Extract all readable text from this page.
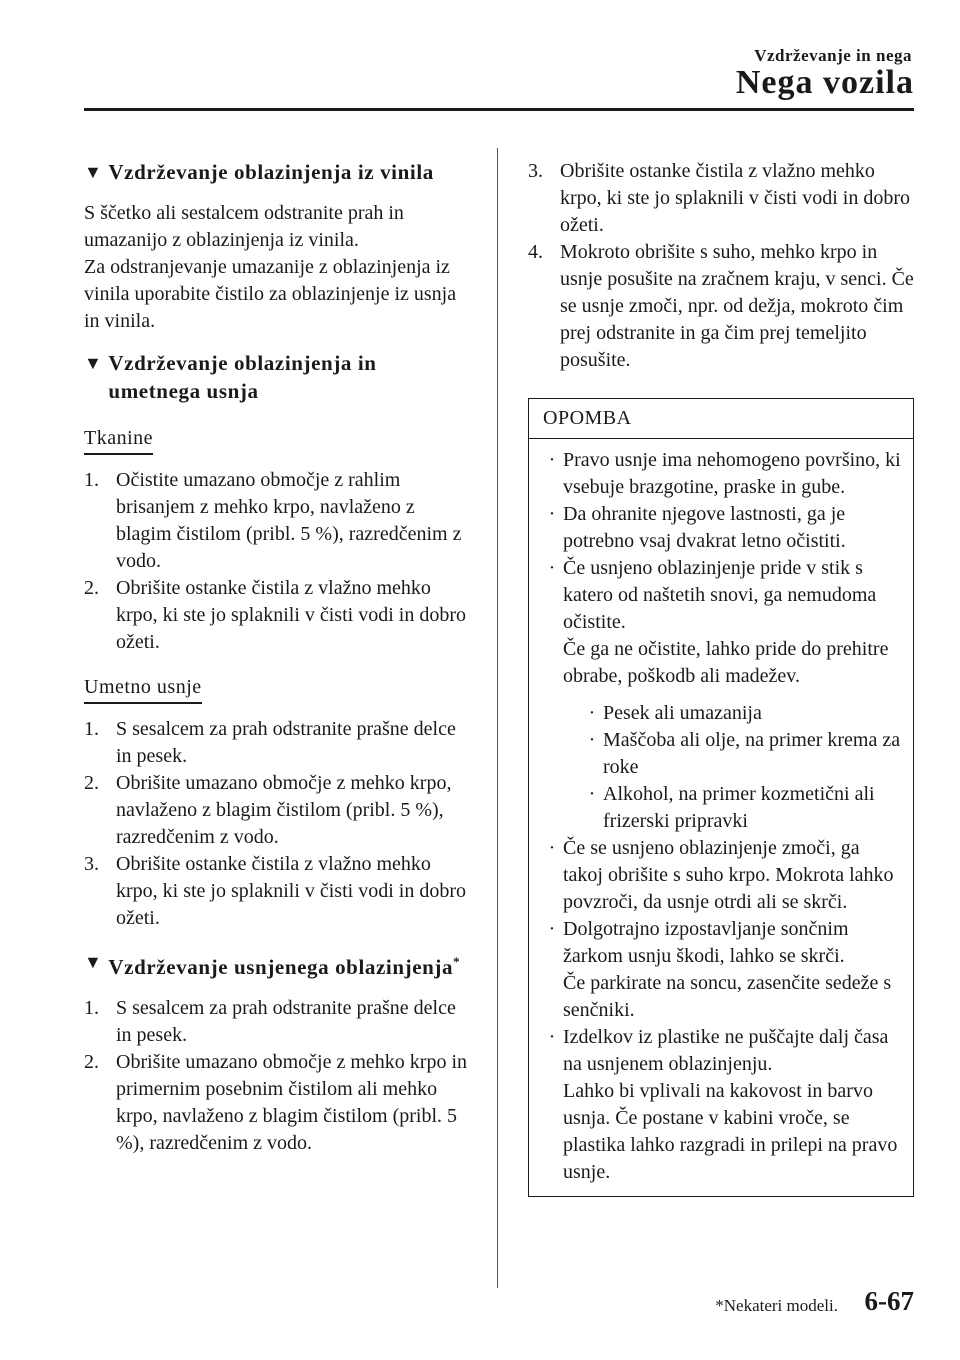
Vzdrževanje in nega
Nega vozila
▼ Vzdrževanje oblazinjenja iz vinila

S ščetko ali sestalcem odstranite prah in umazanijo z oblazinjenja iz vinila.

Za odstranjevanje umazanije z oblazinjenja iz vinila uporabite čistilo za oblazinjenje iz usnja in vinila.

▼ Vzdrževanje oblazinjenja in umetnega usnja
Tkanine
1. Očistite umazano območje z rahlim brisanjem z mehko krpo, navlaženo z blagim čistilom (pribl. 5 %), razredčenim z vodo.
2. Obrišite ostanke čistila z vlažno mehko krpo, ki ste jo splaknili v čisti vodi in dobro ožeti.
Umetno usnje
1. S sesalcem za prah odstranite prašne delce in pesek.
2. Obrišite umazano območje z mehko krpo, navlaženo z blagim čistilom (pribl. 5 %), razredčenim z vodo.
3. Obrišite ostanke čistila z vlažno mehko krpo, ki ste jo splaknili v čisti vodi in dobro ožeti.
▼ Vzdrževanje usnjenega oblazinjenja*
1. S sesalcem za prah odstranite prašne delce in pesek.
2. Obrišite umazano območje z mehko krpo in primernim posebnim čistilom ali mehko krpo, navlaženo z blagim čistilom (pribl. 5 %), razredčenim z vodo.
3. Obrišite ostanke čistila z vlažno mehko krpo, ki ste jo splaknili v čisti vodi in dobro ožeti.
4. Mokroto obrišite s suho, mehko krpo in usnje posušite na zračnem kraju, v senci. Če se usnje zmoči, npr. od dežja, mokroto čim prej odstranite in ga čim prej temeljito posušite.
OPOMBA
· Pravo usnje ima nehomogeno površino, ki vsebuje brazgotine, praske in gube.
· Da ohranite njegove lastnosti, ga je potrebno vsaj dvakrat letno očistiti.
· Če usnjeno oblazinjenje pride v stik s katero od naštetih snovi, ga nemudoma očistite.
Če ga ne očistite, lahko pride do prehitre obrabe, poškodb ali madežev.
· Pesek ali umazanija
· Maščoba ali olje, na primer krema za roke
· Alkohol, na primer kozmetični ali frizerski pripravki
· Če se usnjeno oblazinjenje zmoči, ga takoj obrišite s suho krpo. Mokrota lahko povzroči, da usnje otrdi ali se skrči.
· Dolgotrajno izpostavljanje sončnim žarkom usnju škodi, lahko se skrči.
Če parkirate na soncu, zasenčite sedeže s senčniki.
· Izdelkov iz plastike ne puščajte dalj časa na usnjenem oblazinjenju.
Lahko bi vplivali na kakovost in barvo usnja. Če postane v kabini vroče, se plastika lahko razgradi in prilepi na pravo usnje.
*Nekateri modeli. 6-67
